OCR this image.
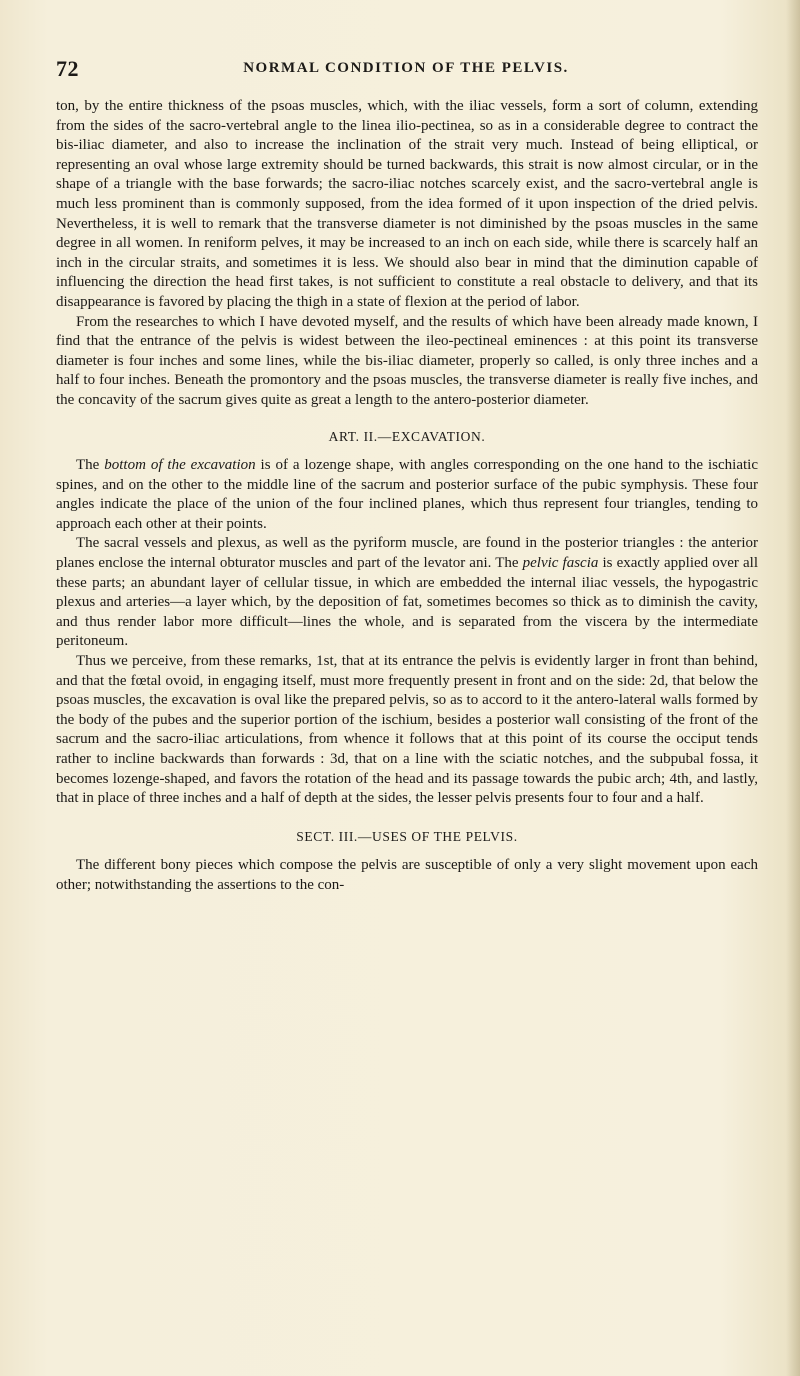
72	NORMAL CONDITION OF THE PELVIS.

ton, by the entire thickness of the psoas muscles, which, with the iliac vessels, form a sort of column, extending from the sides of the sacro-vertebral angle to the linea ilio-pectinea, so as in a considerable degree to contract the bis-iliac diameter, and also to increase the inclination of the strait very much. Instead of being elliptical, or representing an oval whose large extremity should be turned backwards, this strait is now almost circular, or in the shape of a triangle with the base forwards; the sacro-iliac notches scarcely exist, and the sacro-vertebral angle is much less prominent than is commonly supposed, from the idea formed of it upon inspection of the dried pelvis. Nevertheless, it is well to remark that the transverse diameter is not diminished by the psoas muscles in the same degree in all women. In reniform pelves, it may be increased to an inch on each side, while there is scarcely half an inch in the circular straits, and sometimes it is less. We should also bear in mind that the diminution capable of influencing the direction the head first takes, is not sufficient to constitute a real obstacle to delivery, and that its disappearance is favored by placing the thigh in a state of flexion at the period of labor.

From the researches to which I have devoted myself, and the results of which have been already made known, I find that the entrance of the pelvis is widest between the ileo-pectineal eminences : at this point its transverse diameter is four inches and some lines, while the bis-iliac diameter, properly so called, is only three inches and a half to four inches. Beneath the promontory and the psoas muscles, the transverse diameter is really five inches, and the concavity of the sacrum gives quite as great a length to the antero-posterior diameter.

ART. II.—EXCAVATION.

The bottom of the excavation is of a lozenge shape, with angles corresponding on the one hand to the ischiatic spines, and on the other to the middle line of the sacrum and posterior surface of the pubic symphysis. These four angles indicate the place of the union of the four inclined planes, which thus represent four triangles, tending to approach each other at their points.

The sacral vessels and plexus, as well as the pyriform muscle, are found in the posterior triangles : the anterior planes enclose the internal obturator muscles and part of the levator ani. The pelvic fascia is exactly applied over all these parts; an abundant layer of cellular tissue, in which are embedded the internal iliac vessels, the hypogastric plexus and arteries—a layer which, by the deposition of fat, sometimes becomes so thick as to diminish the cavity, and thus render labor more difficult—lines the whole, and is separated from the viscera by the intermediate peritoneum.

Thus we perceive, from these remarks, 1st, that at its entrance the pelvis is evidently larger in front than behind, and that the fœtal ovoid, in engaging itself, must more frequently present in front and on the side: 2d, that below the psoas muscles, the excavation is oval like the prepared pelvis, so as to accord to it the antero-lateral walls formed by the body of the pubes and the superior portion of the ischium, besides a posterior wall consisting of the front of the sacrum and the sacro-iliac articulations, from whence it follows that at this point of its course the occiput tends rather to incline backwards than forwards : 3d, that on a line with the sciatic notches, and the subpubal fossa, it becomes lozenge-shaped, and favors the rotation of the head and its passage towards the pubic arch; 4th, and lastly, that in place of three inches and a half of depth at the sides, the lesser pelvis presents four to four and a half.

SECT. III.—USES OF THE PELVIS.

The different bony pieces which compose the pelvis are susceptible of only a very slight movement upon each other; notwithstanding the assertions to the con-
